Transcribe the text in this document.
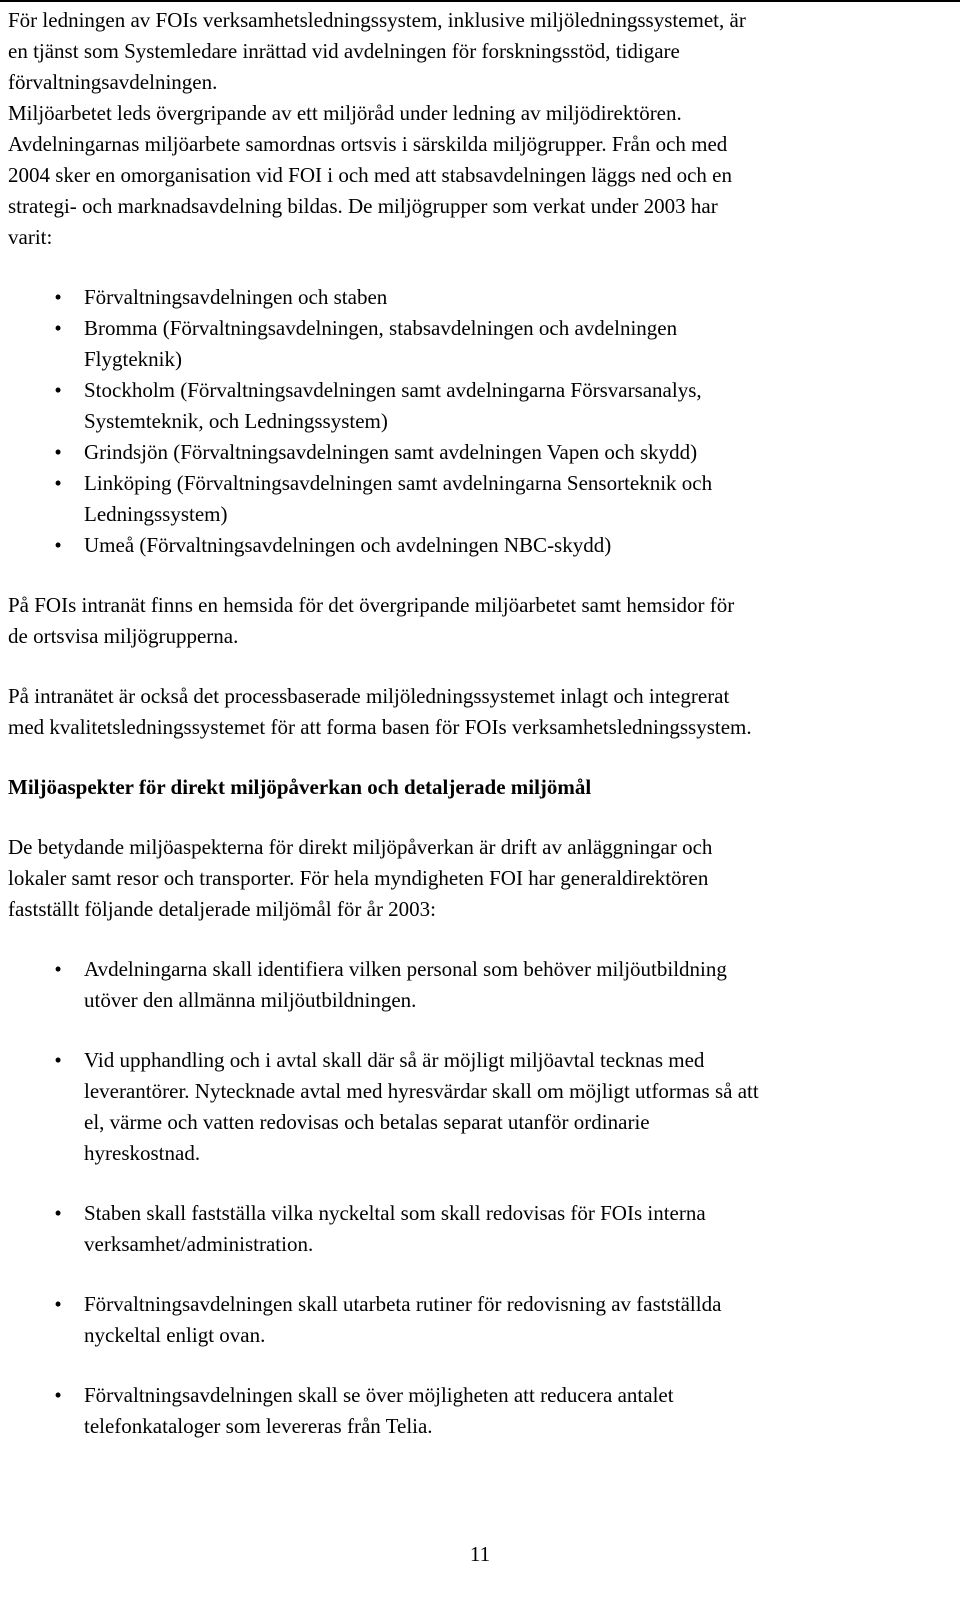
För ledningen av FOIs verksamhetsledningssystem, inklusive miljöledningssystemet, är
en tjänst som Systemledare inrättad vid avdelningen för forskningsstöd, tidigare
förvaltningsavdelningen.
Miljöarbetet leds övergripande av ett miljöråd under ledning av miljödirektören.
Avdelningarnas miljöarbete samordnas ortsvis i särskilda miljögrupper. Från och med
2004 sker en omorganisation vid FOI i och med att stabsavdelningen läggs ned och en
strategi- och marknadsavdelning bildas. De miljögrupper som verkat under 2003 har
varit:

•	Förvaltningsavdelningen och staben
•	Bromma (Förvaltningsavdelningen, stabsavdelningen och avdelningen
Flygteknik)
•	Stockholm (Förvaltningsavdelningen samt avdelningarna Försvarsanalys,
Systemteknik, och Ledningssystem)
•	Grindsjön (Förvaltningsavdelningen samt avdelningen Vapen och skydd)
•	Linköping (Förvaltningsavdelningen samt avdelningarna Sensorteknik och
Ledningssystem)
•	Umeå (Förvaltningsavdelningen och avdelningen NBC-skydd)

På FOIs intranät finns en hemsida för det övergripande miljöarbetet samt hemsidor för
de ortsvisa miljögrupperna.

På intranätet är också det processbaserade miljöledningssystemet inlagt och integrerat
med kvalitetsledningssystemet för att forma basen för FOIs verksamhetsledningssystem.

Miljöaspekter för direkt miljöpåverkan och detaljerade miljömål

De betydande miljöaspekterna för direkt miljöpåverkan är drift av anläggningar och
lokaler samt resor och transporter. För hela myndigheten FOI har generaldirektören
fastställt följande detaljerade miljömål för år 2003:

•	Avdelningarna skall identifiera vilken personal som behöver miljöutbildning
utöver den allmänna miljöutbildningen.
•	Vid upphandling och i avtal skall där så är möjligt miljöavtal tecknas med
leverantörer. Nytecknade avtal med hyresvärdar skall om möjligt utformas så att
el, värme och vatten redovisas och betalas separat utanför ordinarie
hyreskostnad.
•	Staben skall fastställa vilka nyckeltal som skall redovisas för FOIs interna
verksamhet/administration.
•	Förvaltningsavdelningen skall utarbeta rutiner för redovisning av fastställda
nyckeltal enligt ovan.
•	Förvaltningsavdelningen skall se över möjligheten att reducera antalet
telefonkataloger som levereras från Telia.
11
